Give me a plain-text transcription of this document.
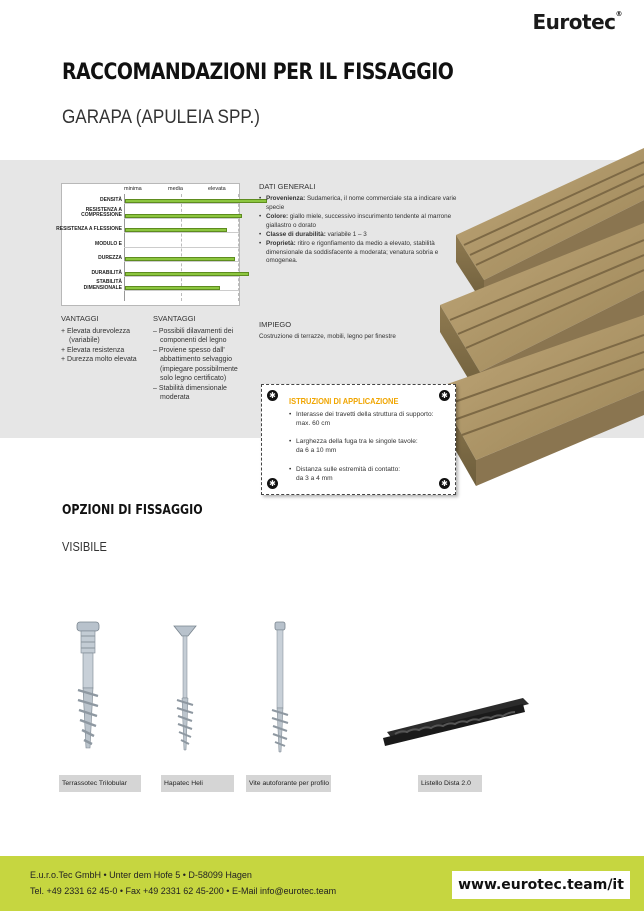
Eurotec®
RACCOMANDAZIONI PER IL FISSAGGIO
GARAPA (APULEIA SPP.)
minima	media	elevata
DENSITÀ
RESISTENZA A
COMPRESSIONE
RESISTENZA A FLESSIONE
MODULO E
DUREZZA
DURABILITÀ
STABILITÀ
DIMENSIONALE
VANTAGGI
+ Elevata durevolezza
(variabile)
+ Elevata resistenza
+ Durezza molto elevata
SVANTAGGI
– Possibili dilavamenti dei
componenti del legno
– Proviene spesso dall'
abbattimento selvaggio
(impiegare possibilmente
solo legno certificato)
– Stabilità dimensionale
moderata
DATI GENERALI
• Provenienza: Sudamerica, il nome commerciale sta a indicare varie specie
• Colore: giallo miele, successivo inscurimento tendente al marrone giallastro o dorato
• Classe di durabilità: variabile 1 – 3
• Proprietà: ritiro e rigonfiamento da medio a elevato, stabilità dimensionale da soddisfacente a moderata; venatura sobria e omogenea.
IMPIEGO
Costruzione di terrazze, mobili, legno per finestre
✱	✱
✱	✱
ISTRUZIONI DI APPLICAZIONE
• Interasse dei travetti della struttura di supporto:
max. 60 cm
• Larghezza della fuga tra le singole tavole:
da 6 a 10 mm
• Distanza sulle estremità di contatto:
da 3 a 4 mm
OPZIONI DI FISSAGGIO
VISIBILE
Terrassotec Trilobular	Hapatec Heli	Vite autoforante per profilo	Listello Dista 2.0
E.u.r.o.Tec GmbH • Unter dem Hofe 5 • D-58099 Hagen
Tel. +49 2331 62 45-0 • Fax +49 2331 62 45-200 • E-Mail info@eurotec.team	www.eurotec.team/it
